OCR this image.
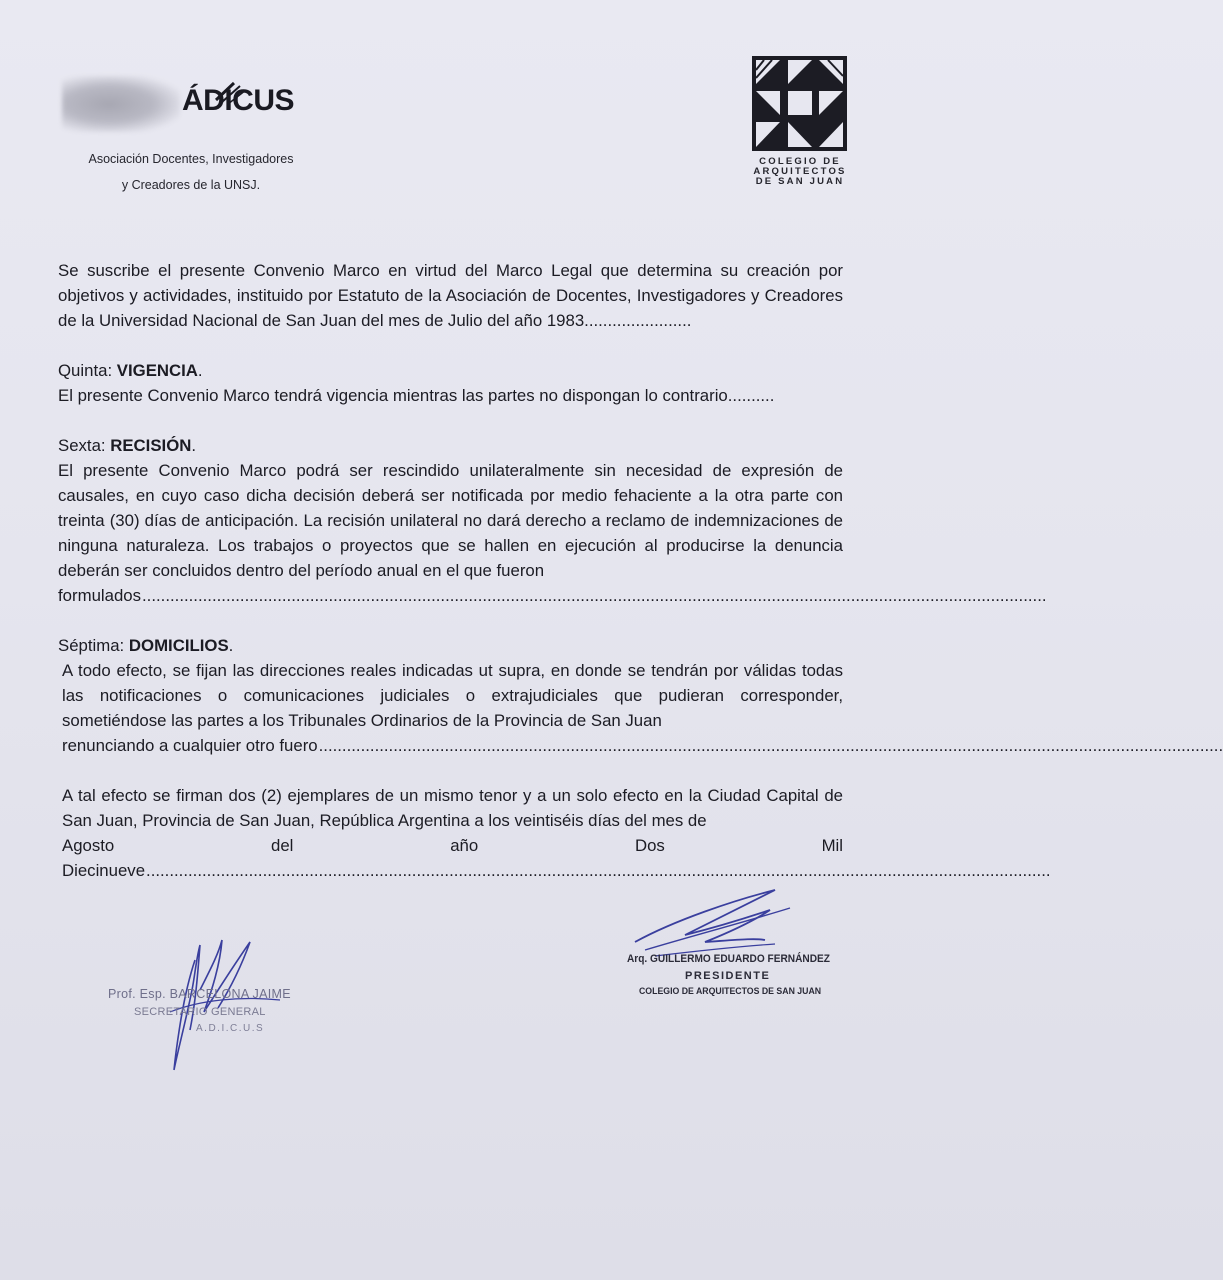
ÁDICUS
Asociación Docentes, Investigadores
y Creadores de la UNSJ.
COLEGIO DE
ARQUITECTOS
DE SAN JUAN

Se suscribe el presente Convenio Marco en virtud del Marco Legal que determina su creación por objetivos y actividades, instituido por Estatuto de la Asociación de Docentes, Investigadores y Creadores de la Universidad Nacional de San Juan del mes de Julio del año 1983.......................

Quinta: VIGENCIA.

El presente Convenio Marco tendrá vigencia mientras las partes no dispongan lo contrario..........

Sexta: RECISIÓN.

El presente Convenio Marco podrá ser rescindido unilateralmente sin necesidad de expresión de causales, en cuyo caso dicha decisión deberá ser notificada por medio fehaciente a la otra parte con treinta (30) días de anticipación. La recisión unilateral no dará derecho a reclamo de indemnizaciones de ninguna naturaleza. Los trabajos o proyectos que se hallen en ejecución al producirse la denuncia deberán ser concluidos dentro del período anual en el que fueron

formulados ..................................................................................................................................................................................................

Séptima: DOMICILIOS.

A todo efecto, se fijan las direcciones reales indicadas ut supra, en donde se tendrán por válidas todas las notificaciones o comunicaciones judiciales o extrajudiciales que pudieran corresponder, sometiéndose las partes a los Tribunales Ordinarios de la Provincia de San Juan

renunciando a cualquier otro fuero ..................................................................................................................................................................................................

A tal efecto se firman dos (2) ejemplares de un mismo tenor y a un solo efecto en la Ciudad Capital de San Juan, Provincia de San Juan, República Argentina a los veintiséis días del mes de

Agosto	del	año	Dos	Mil
Diecinueve ..................................................................................................................................................................................................
Prof. Esp. BARCELONA JAIME
SECRETARIO GENERAL
A.D.I.C.U.S
Arq. GUILLERMO EDUARDO FERNÁNDEZ
PRESIDENTE
COLEGIO DE ARQUITECTOS DE SAN JUAN
